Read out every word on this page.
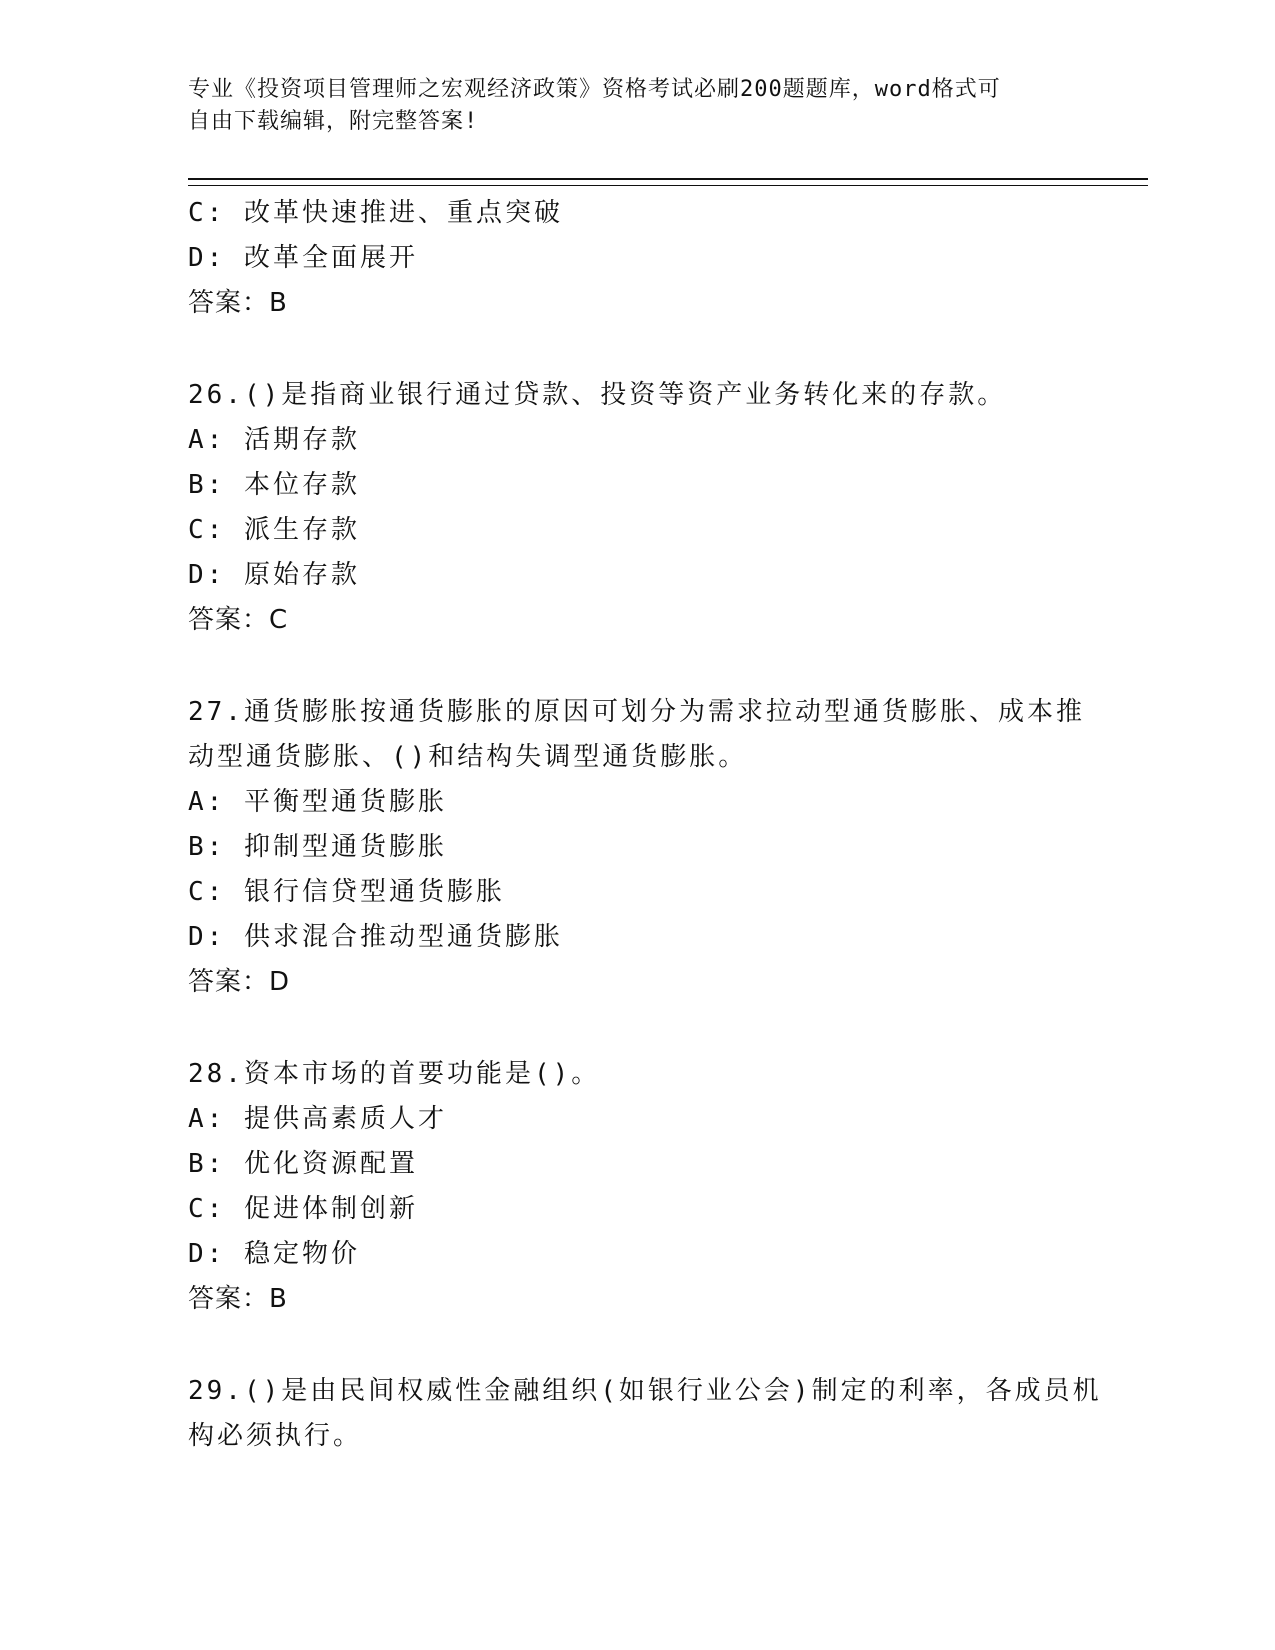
专业《投资项目管理师之宏观经济政策》资格考试必刷200题题库，word格式可

自由下载编辑，附完整答案!

C: 改革快速推进、重点突破
D: 改革全面展开
答案：B
26.()是指商业银行通过贷款、投资等资产业务转化来的存款。
A: 活期存款
B: 本位存款
C: 派生存款
D: 原始存款
答案：C
27.通货膨胀按通货膨胀的原因可划分为需求拉动型通货膨胀、成本推
动型通货膨胀、()和结构失调型通货膨胀。
A: 平衡型通货膨胀
B: 抑制型通货膨胀
C: 银行信贷型通货膨胀
D: 供求混合推动型通货膨胀
答案：D
28.资本市场的首要功能是()。
A: 提供高素质人才
B: 优化资源配置
C: 促进体制创新
D: 稳定物价
答案：B
29.()是由民间权威性金融组织(如银行业公会)制定的利率，各成员机
构必须执行。
